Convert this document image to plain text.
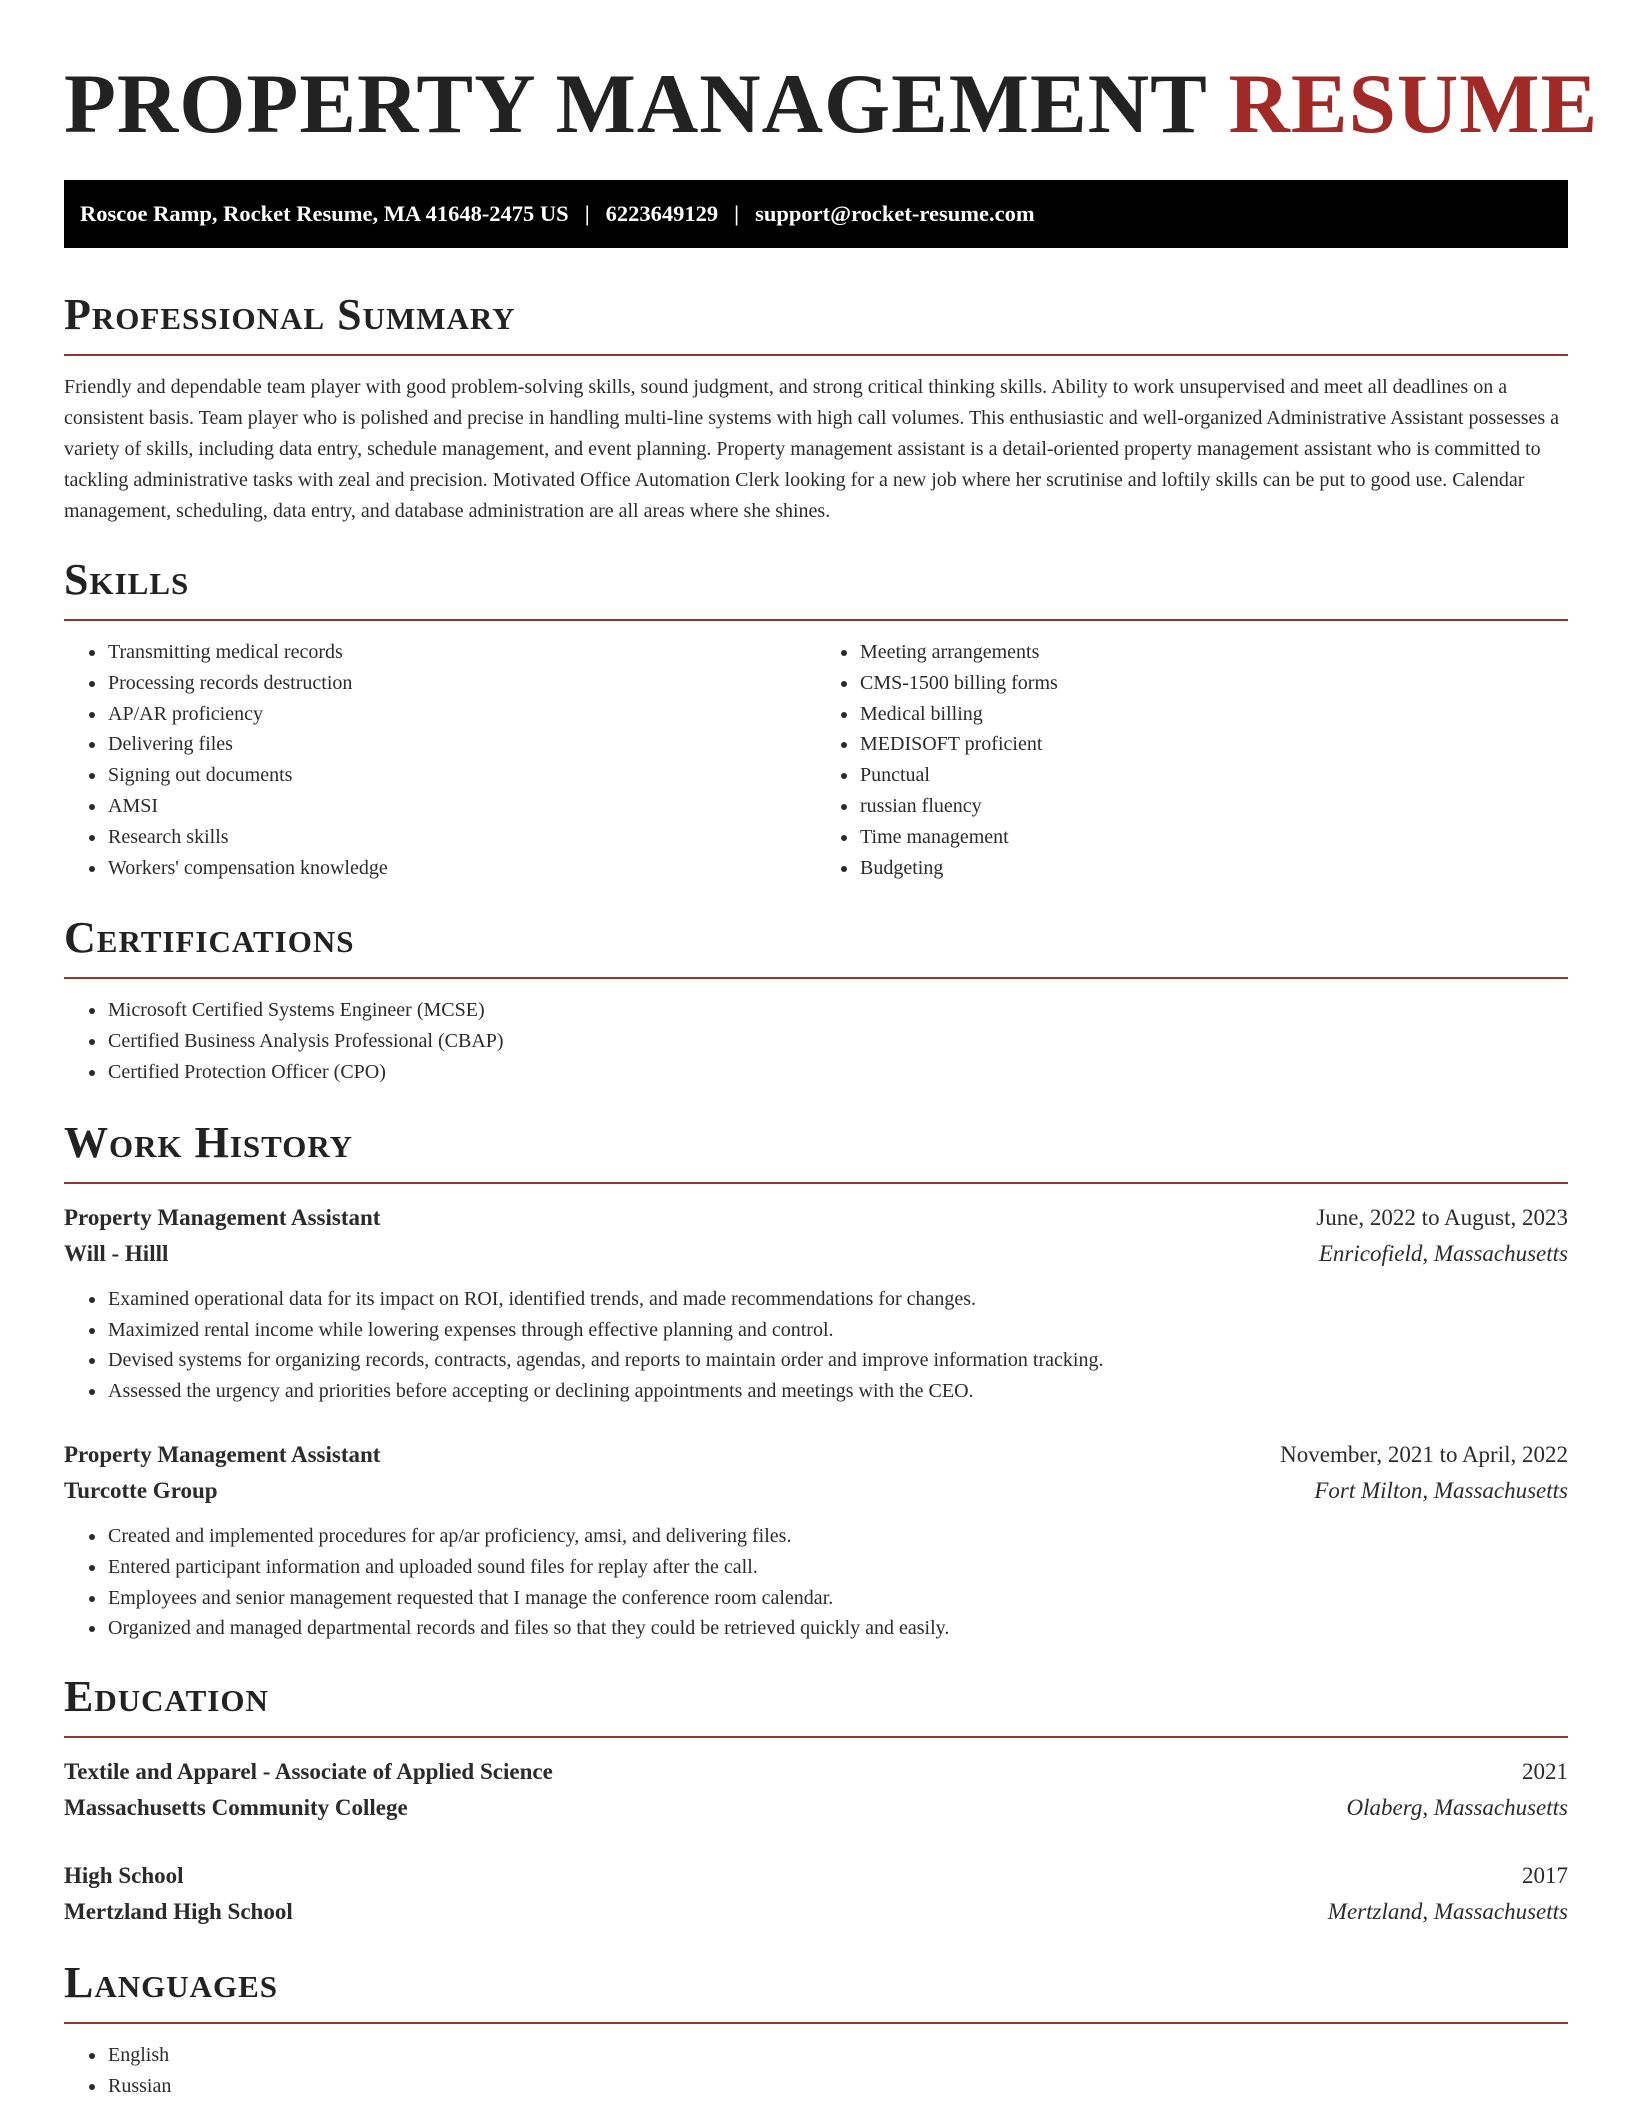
PROPERTY MANAGEMENT RESUME
Roscoe Ramp, Rocket Resume, MA 41648-2475 US | 6223649129 | support@rocket-resume.com
Professional Summary

Friendly and dependable team player with good problem-solving skills, sound judgment, and strong critical thinking skills. Ability to work unsupervised and meet all deadlines on a consistent basis. Team player who is polished and precise in handling multi-line systems with high call volumes. This enthusiastic and well-organized Administrative Assistant possesses a variety of skills, including data entry, schedule management, and event planning. Property management assistant is a detail-oriented property management assistant who is committed to tackling administrative tasks with zeal and precision. Motivated Office Automation Clerk looking for a new job where her scrutinise and loftily skills can be put to good use. Calendar management, scheduling, data entry, and database administration are all areas where she shines.

Skills
• Transmitting medical records
• Processing records destruction
• AP/AR proficiency
• Delivering files
• Signing out documents
• AMSI
• Research skills
• Workers' compensation knowledge
• Meeting arrangements
• CMS-1500 billing forms
• Medical billing
• MEDISOFT proficient
• Punctual
• russian fluency
• Time management
• Budgeting
Certifications
• Microsoft Certified Systems Engineer (MCSE)
• Certified Business Analysis Professional (CBAP)
• Certified Protection Officer (CPO)
Work History
Property Management Assistant	June, 2022 to August, 2023
Will - Hilll	Enricofield, Massachusetts
• Examined operational data for its impact on ROI, identified trends, and made recommendations for changes.
• Maximized rental income while lowering expenses through effective planning and control.
• Devised systems for organizing records, contracts, agendas, and reports to maintain order and improve information tracking.
• Assessed the urgency and priorities before accepting or declining appointments and meetings with the CEO.
Property Management Assistant	November, 2021 to April, 2022
Turcotte Group	Fort Milton, Massachusetts
• Created and implemented procedures for ap/ar proficiency, amsi, and delivering files.
• Entered participant information and uploaded sound files for replay after the call.
• Employees and senior management requested that I manage the conference room calendar.
• Organized and managed departmental records and files so that they could be retrieved quickly and easily.
Education
Textile and Apparel - Associate of Applied Science	2021
Massachusetts Community College	Olaberg, Massachusetts
High School	2017
Mertzland High School	Mertzland, Massachusetts
Languages
• English
• Russian
